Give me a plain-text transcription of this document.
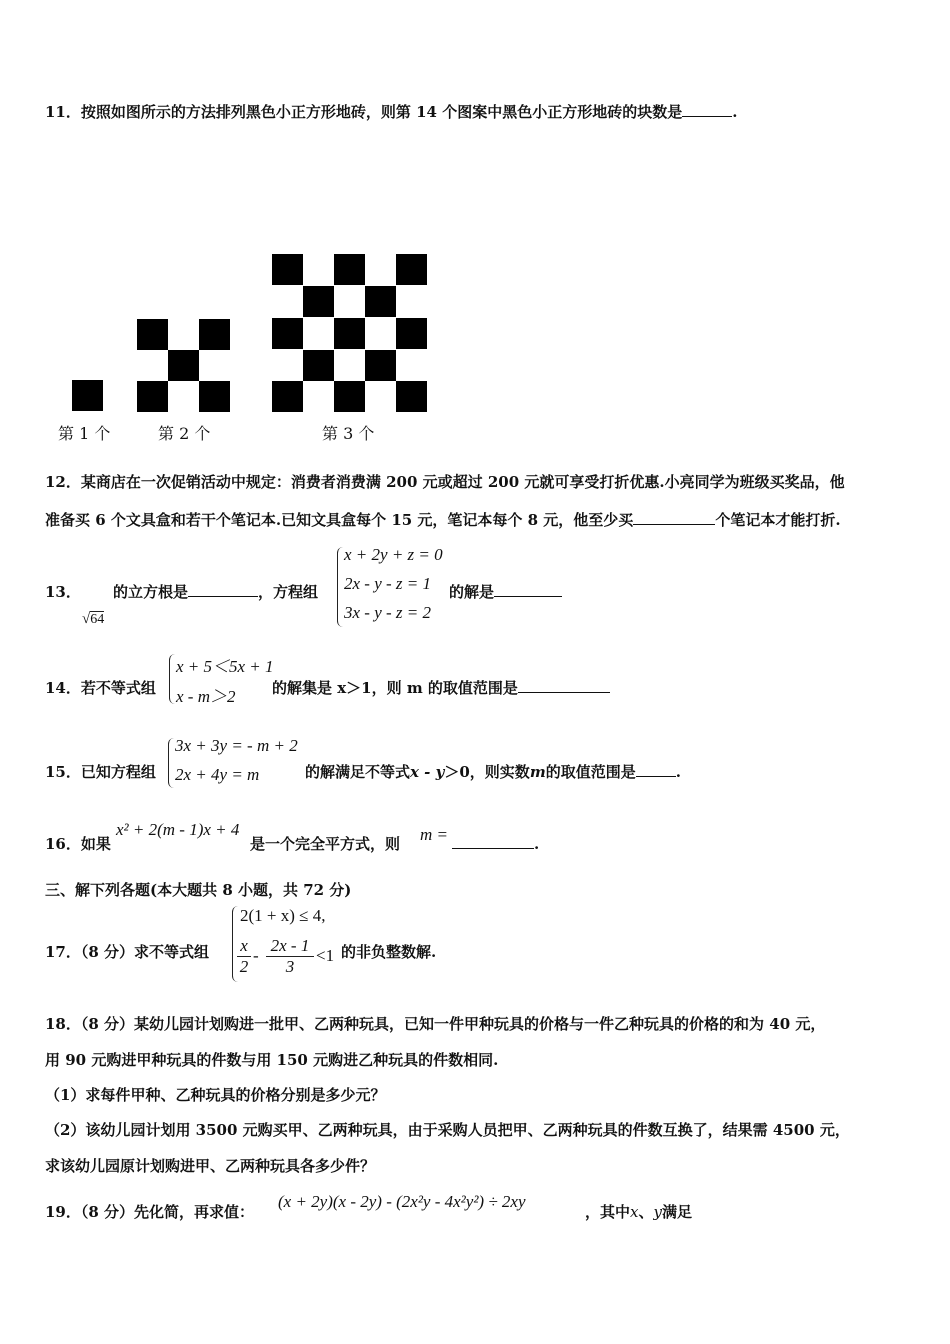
11．按照如图所示的方法排列黑色小正方形地砖，则第 14 个图案中黑色小正方形地砖的块数是	.
第 1 个	第 2 个	第 3 个
12．某商店在一次促销活动中规定：消费者消费满 200 元或超过 200 元就可享受打折优惠.小亮同学为班级买奖品，他
准备买 6 个文具盒和若干个笔记本.已知文具盒每个 15 元，笔记本每个 8 元，他至少买	个笔记本才能打折.
13．
√64
的立方根是	，方程组
x + 2y + z = 0
2x - y - z = 1
3x - y - z = 2
的解是
14．若不等式组
x + 5＜5x + 1
x - m＞2 的解集是 x＞1，则 m 的取值范围是
15．已知方程组
3x + 3y = - m + 2
2x + 4y = m	的解满足不等式x - y＞0，则实数m的取值范围是	.
16．如果
x² + 2(m - 1)x + 4
是一个完全平方式，则 m =	.
三、解下列各题(本大题共 8 小题，共 72 分)
17．（8 分）求不等式组
2(1 + x) ≤ 4,
$\frac{x}{2} - \frac{2x - 1}{3} <1$ 的非负整数解.
18．（8 分）某幼儿园计划购进一批甲、乙两种玩具，已知一件甲种玩具的价格与一件乙种玩具的价格的和为 40 元，
用 90 元购进甲种玩具的件数与用 150 元购进乙种玩具的件数相同.
（1）求每件甲种、乙种玩具的价格分别是多少元？
（2）该幼儿园计划用 3500 元购买甲、乙两种玩具，由于采购人员把甲、乙两种玩具的件数互换了，结果需 4500 元，
求该幼儿园原计划购进甲、乙两种玩具各多少件？
19．（8 分）先化简，再求值：
(x + 2y)(x - 2y) - (2x²y - 4x²y²) ÷ 2xy
，其中x、y满足
